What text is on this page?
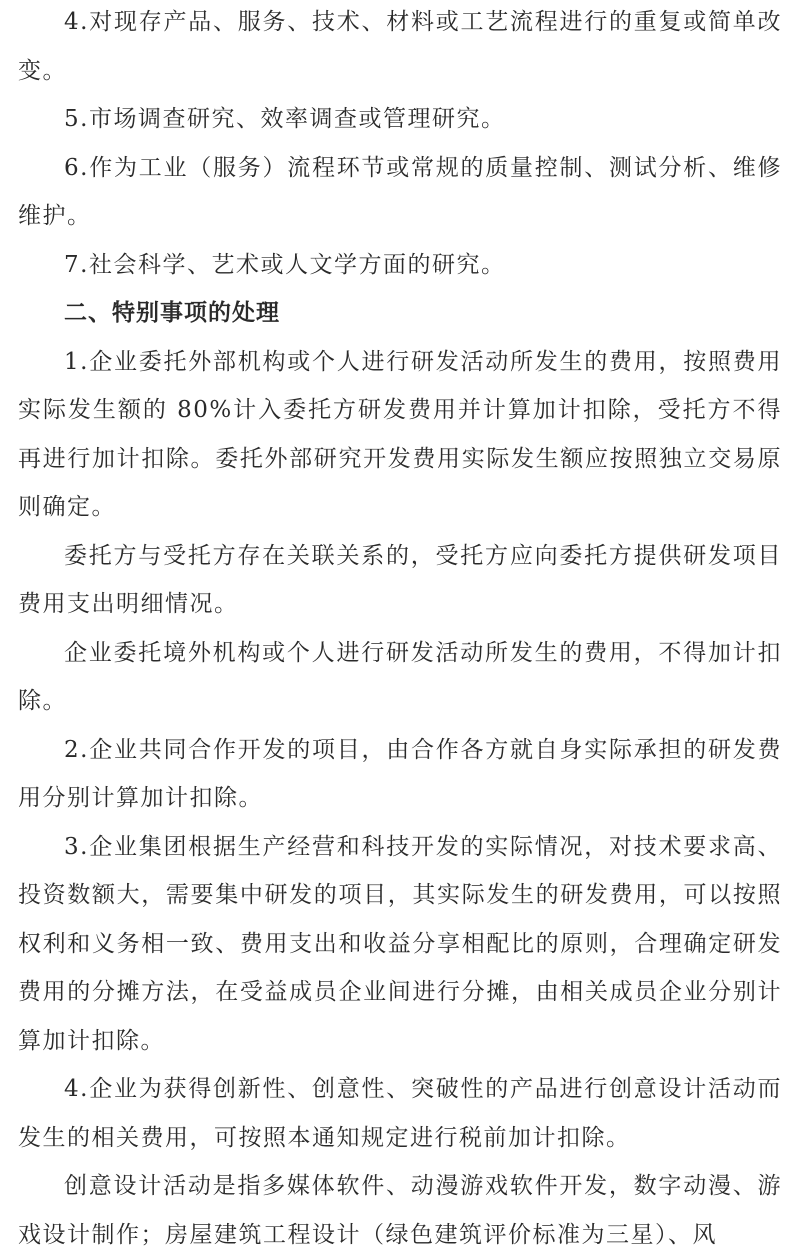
4.对现存产品、服务、技术、材料或工艺流程进行的重复或简单改变。

5.市场调查研究、效率调查或管理研究。

6.作为工业（服务）流程环节或常规的质量控制、测试分析、维修维护。

7.社会科学、艺术或人文学方面的研究。

二、特别事项的处理

1.企业委托外部机构或个人进行研发活动所发生的费用，按照费用实际发生额的 80%计入委托方研发费用并计算加计扣除，受托方不得再进行加计扣除。委托外部研究开发费用实际发生额应按照独立交易原则确定。

委托方与受托方存在关联关系的，受托方应向委托方提供研发项目费用支出明细情况。

企业委托境外机构或个人进行研发活动所发生的费用，不得加计扣除。

2.企业共同合作开发的项目，由合作各方就自身实际承担的研发费用分别计算加计扣除。

3.企业集团根据生产经营和科技开发的实际情况，对技术要求高、投资数额大，需要集中研发的项目，其实际发生的研发费用，可以按照权利和义务相一致、费用支出和收益分享相配比的原则，合理确定研发费用的分摊方法，在受益成员企业间进行分摊，由相关成员企业分别计算加计扣除。

4.企业为获得创新性、创意性、突破性的产品进行创意设计活动而发生的相关费用，可按照本通知规定进行税前加计扣除。

创意设计活动是指多媒体软件、动漫游戏软件开发，数字动漫、游戏设计制作；房屋建筑工程设计（绿色建筑评价标准为三星）、风
